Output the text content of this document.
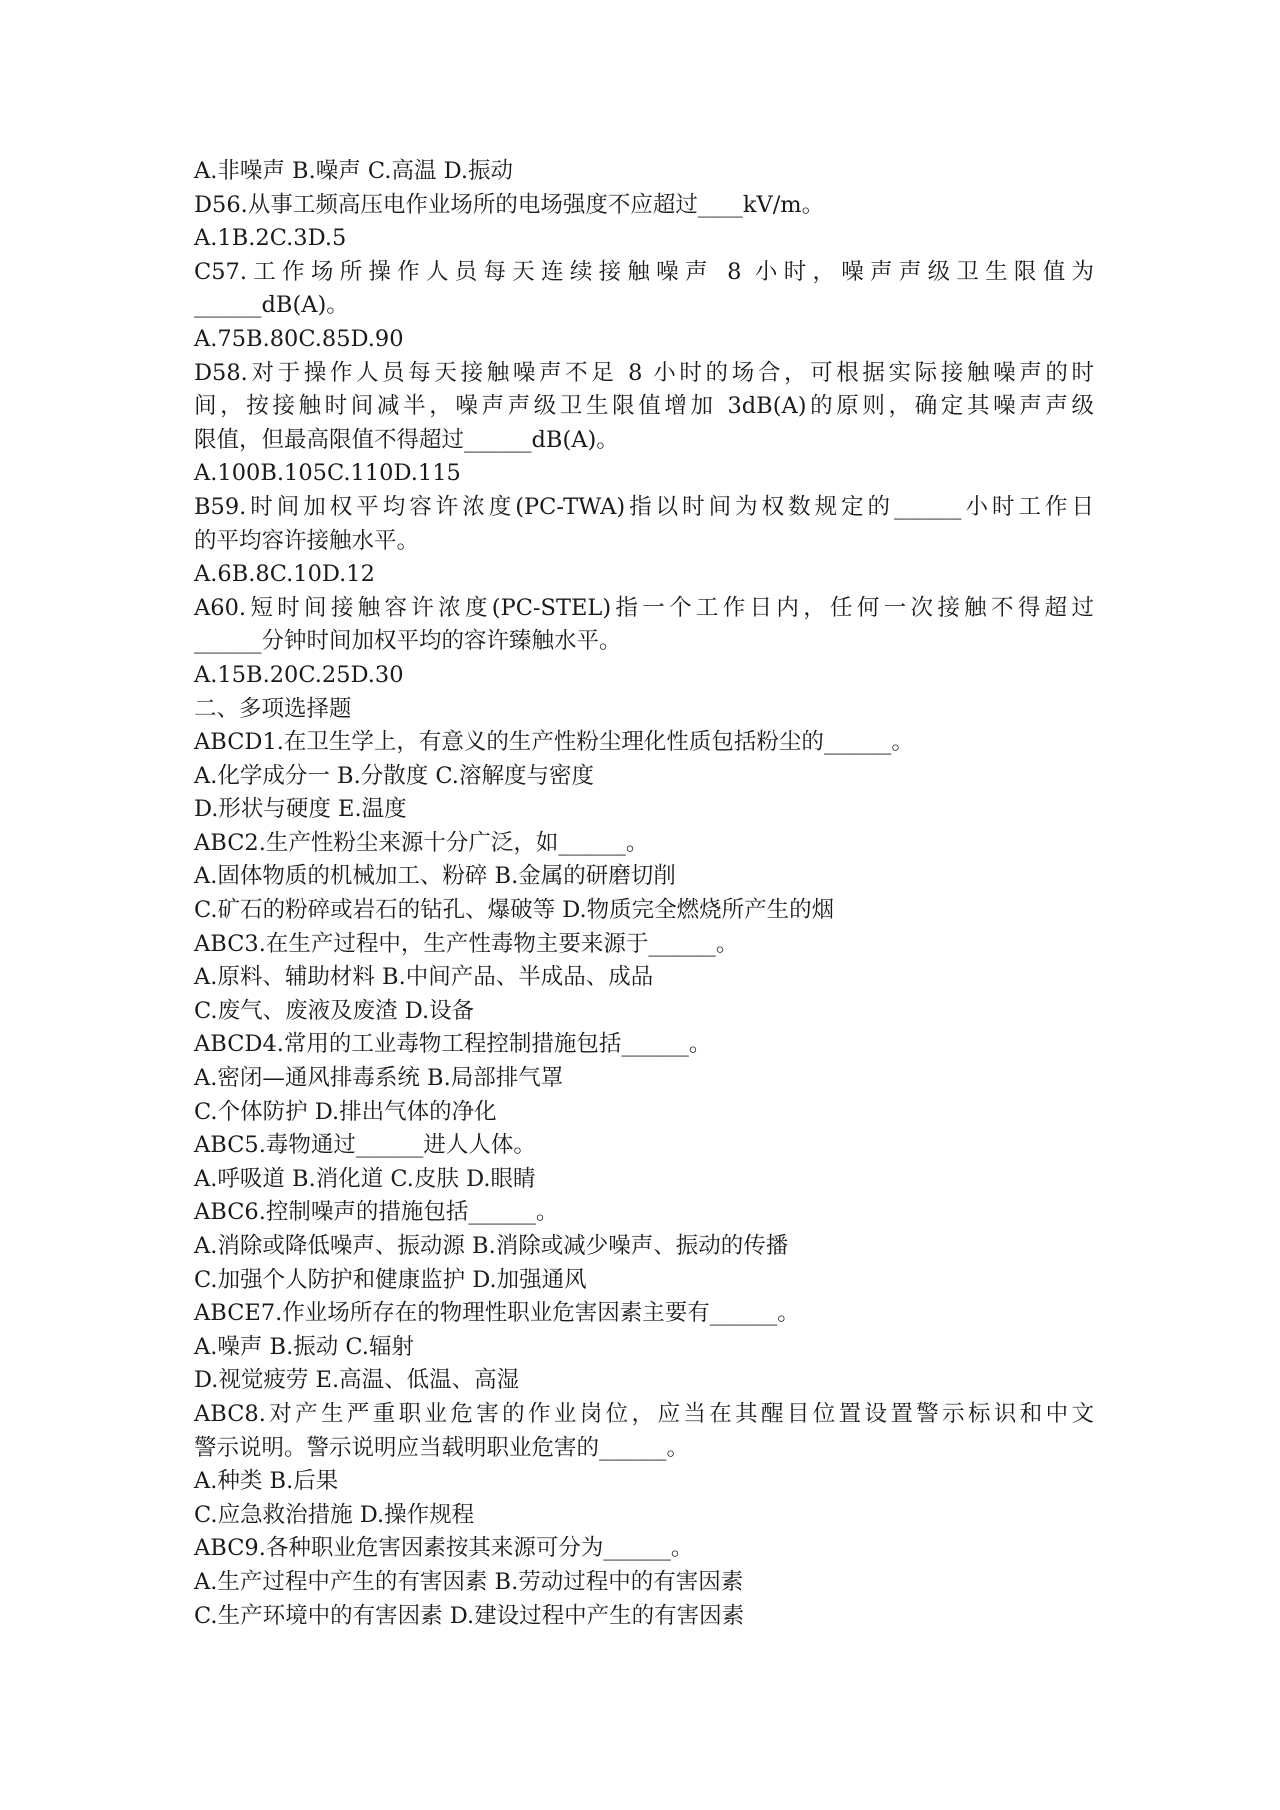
A.非噪声 B.噪声 C.高温 D.振动
D56.从事工频高压电作业场所的电场强度不应超过____kV/m。
A.1B.2C.3D.5
C57.工作场所操作人员每天连续接触噪声 8 小时，噪声声级卫生限值为
______dB(A)。
A.75B.80C.85D.90
D58.对于操作人员每天接触噪声不足 8 小时的场合，可根据实际接触噪声的时
间，按接触时间减半，噪声声级卫生限值增加 3dB(A)的原则，确定其噪声声级
限值，但最高限值不得超过______dB(A)。
A.100B.105C.110D.115
B59.时间加权平均容许浓度(PC-TWA)指以时间为权数规定的______小时工作日
的平均容许接触水平。
A.6B.8C.10D.12
A60.短时间接触容许浓度(PC-STEL)指一个工作日内，任何一次接触不得超过
______分钟时间加权平均的容许臻触水平。
A.15B.20C.25D.30
二、多项选择题
ABCD1.在卫生学上，有意义的生产性粉尘理化性质包括粉尘的______。
A.化学成分一 B.分散度 C.溶解度与密度
D.形状与硬度 E.温度
ABC2.生产性粉尘来源十分广泛，如______。
A.固体物质的机械加工、粉碎 B.金属的研磨切削
C.矿石的粉碎或岩石的钻孔、爆破等 D.物质完全燃烧所产生的烟
ABC3.在生产过程中，生产性毒物主要来源于______。
A.原料、辅助材料 B.中间产品、半成品、成品
C.废气、废液及废渣 D.设备
ABCD4.常用的工业毒物工程控制措施包括______。
A.密闭—通风排毒系统 B.局部排气罩
C.个体防护 D.排出气体的净化
ABC5.毒物通过______进人人体。
A.呼吸道 B.消化道 C.皮肤 D.眼睛
ABC6.控制噪声的措施包括______。
A.消除或降低噪声、振动源 B.消除或减少噪声、振动的传播
C.加强个人防护和健康监护 D.加强通风
ABCE7.作业场所存在的物理性职业危害因素主要有______。
A.噪声 B.振动 C.辐射
D.视觉疲劳 E.高温、低温、高湿
ABC8.对产生严重职业危害的作业岗位，应当在其醒目位置设置警示标识和中文
警示说明。警示说明应当载明职业危害的______。
A.种类 B.后果
C.应急救治措施 D.操作规程
ABC9.各种职业危害因素按其来源可分为______。
A.生产过程中产生的有害因素 B.劳动过程中的有害因素
C.生产环境中的有害因素 D.建设过程中产生的有害因素
